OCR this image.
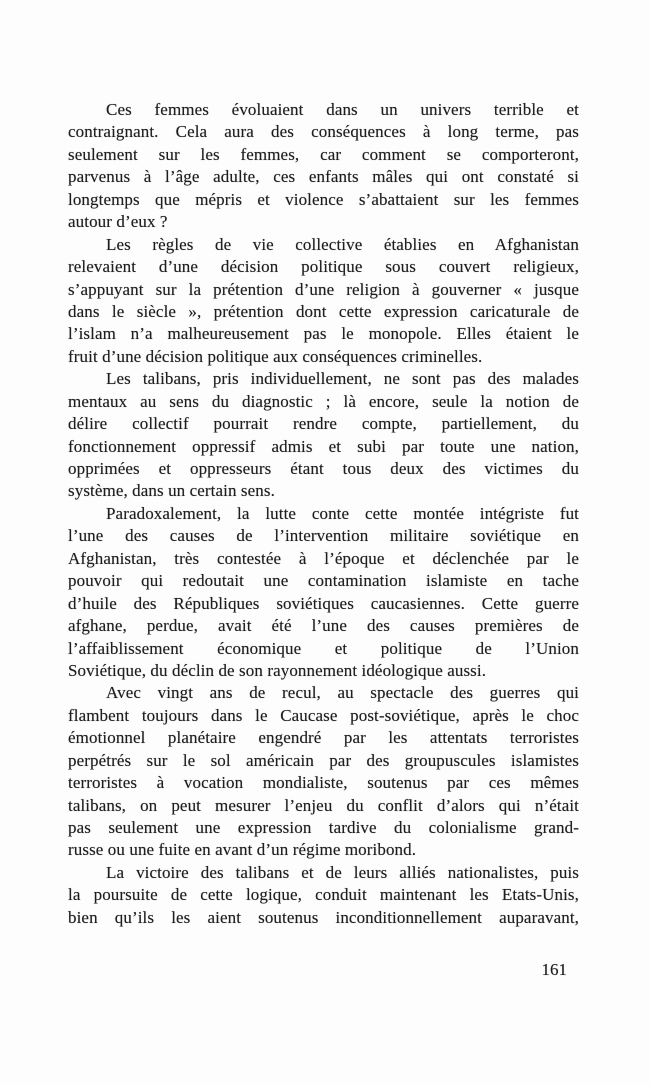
Ces femmes évoluaient dans un univers terrible et
contraignant. Cela aura des conséquences à long terme, pas
seulement sur les femmes, car comment se comporteront,
parvenus à l’âge adulte, ces enfants mâles qui ont constaté si
longtemps que mépris et violence s’abattaient sur les femmes
autour d’eux ?
Les règles de vie collective établies en Afghanistan
relevaient d’une décision politique sous couvert religieux,
s’appuyant sur la prétention d’une religion à gouverner « jusque
dans le siècle », prétention dont cette expression caricaturale de
l’islam n’a malheureusement pas le monopole. Elles étaient le
fruit d’une décision politique aux conséquences criminelles.
Les talibans, pris individuellement, ne sont pas des malades
mentaux au sens du diagnostic ; là encore, seule la notion de
délire collectif pourrait rendre compte, partiellement, du
fonctionnement oppressif admis et subi par toute une nation,
opprimées et oppresseurs étant tous deux des victimes du
système, dans un certain sens.
Paradoxalement, la lutte conte cette montée intégriste fut
l’une des causes de l’intervention militaire soviétique en
Afghanistan, très contestée à l’époque et déclenchée par le
pouvoir qui redoutait une contamination islamiste en tache
d’huile des Républiques soviétiques caucasiennes. Cette guerre
afghane, perdue, avait été l’une des causes premières de
l’affaiblissement économique et politique de l’Union
Soviétique, du déclin de son rayonnement idéologique aussi.
Avec vingt ans de recul, au spectacle des guerres qui
flambent toujours dans le Caucase post-soviétique, après le choc
émotionnel planétaire engendré par les attentats terroristes
perpétrés sur le sol américain par des groupuscules islamistes
terroristes à vocation mondialiste, soutenus par ces mêmes
talibans, on peut mesurer l’enjeu du conflit d’alors qui n’était
pas seulement une expression tardive du colonialisme grand-
russe ou une fuite en avant d’un régime moribond.
La victoire des talibans et de leurs alliés nationalistes, puis
la poursuite de cette logique, conduit maintenant les Etats-Unis,
bien qu’ils les aient soutenus inconditionnellement auparavant,
161
